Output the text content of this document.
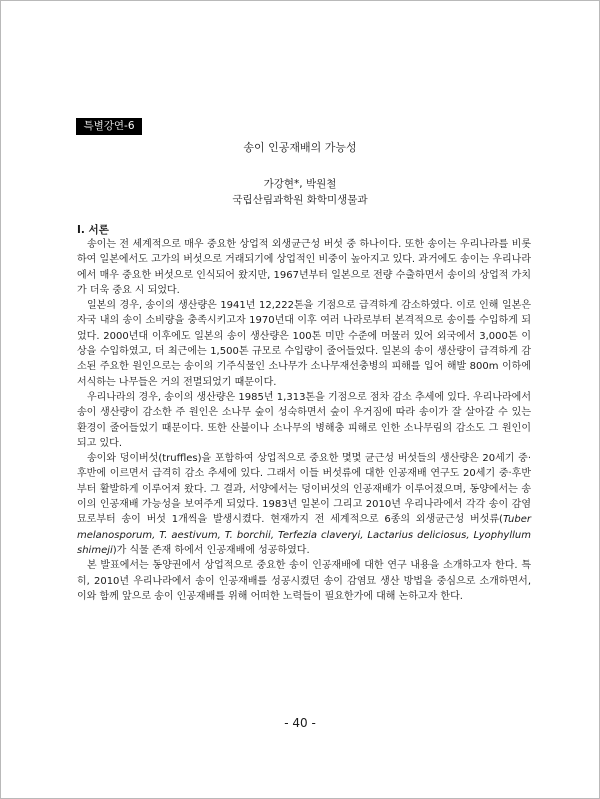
특별강연-6
송이 인공재배의 가능성
가강현*, 박원철
국립산림과학원 화학미생물과
Ⅰ. 서론

송이는 전 세계적으로 매우 중요한 상업적 외생균근성 버섯 중 하나이다. 또한 송이는 우리나라를 비롯하여 일본에서도 고가의 버섯으로 거래되기에 상업적인 비중이 높아지고 있다. 과거에도 송이는 우리나라에서 매우 중요한 버섯으로 인식되어 왔지만, 1967년부터 일본으로 전량 수출하면서 송이의 상업적 가치가 더욱 중요 시 되었다.

일본의 경우, 송이의 생산량은 1941년 12,222톤을 기점으로 급격하게 감소하였다. 이로 인해 일본은 자국 내의 송이 소비량을 충족시키고자 1970년대 이후 여러 나라로부터 본격적으로 송이를 수입하게 되었다. 2000년대 이후에도 일본의 송이 생산량은 100톤 미만 수준에 머물러 있어 외국에서 3,000톤 이상을 수입하였고, 더 최근에는 1,500톤 규모로 수입량이 줄어들었다. 일본의 송이 생산량이 급격하게 감소된 주요한 원인으로는 송이의 기주식물인 소나무가 소나무재선충병의 피해를 입어 해발 800m 이하에 서식하는 나무들은 거의 전멸되었기 때문이다.

우리나라의 경우, 송이의 생산량은 1985년 1,313톤을 기점으로 점차 감소 추세에 있다. 우리나라에서 송이 생산량이 감소한 주 원인은 소나무 숲이 성숙하면서 숲이 우거짐에 따라 송이가 잘 살아갈 수 있는 환경이 줄어들었기 때문이다. 또한 산불이나 소나무의 병해충 피해로 인한 소나무림의 감소도 그 원인이 되고 있다.

송이와 덩이버섯(truffles)을 포함하여 상업적으로 중요한 몇몇 균근성 버섯들의 생산량은 20세기 중·후반에 이르면서 급격히 감소 추세에 있다. 그래서 이들 버섯류에 대한 인공재배 연구도 20세기 중·후반부터 활발하게 이루어져 왔다. 그 결과, 서양에서는 덩이버섯의 인공재배가 이루어졌으며, 동양에서는 송이의 인공재배 가능성을 보여주게 되었다. 1983년 일본이 그리고 2010년 우리나라에서 각각 송이 감염묘로부터 송이 버섯 1개씩을 발생시켰다. 현재까지 전 세계적으로 6종의 외생균근성 버섯류(Tuber melanosporum, T. aestivum, T. borchii, Terfezia claveryi, Lactarius deliciosus, Lyophyllum shimeji)가 식물 존재 하에서 인공재배에 성공하였다.

본 발표에서는 동양권에서 상업적으로 중요한 송이 인공재배에 대한 연구 내용을 소개하고자 한다. 특히, 2010년 우리나라에서 송이 인공재배를 성공시켰던 송이 감염묘 생산 방법을 중심으로 소개하면서, 이와 함께 앞으로 송이 인공재배를 위해 어떠한 노력들이 필요한가에 대해 논하고자 한다.

- 40 -
